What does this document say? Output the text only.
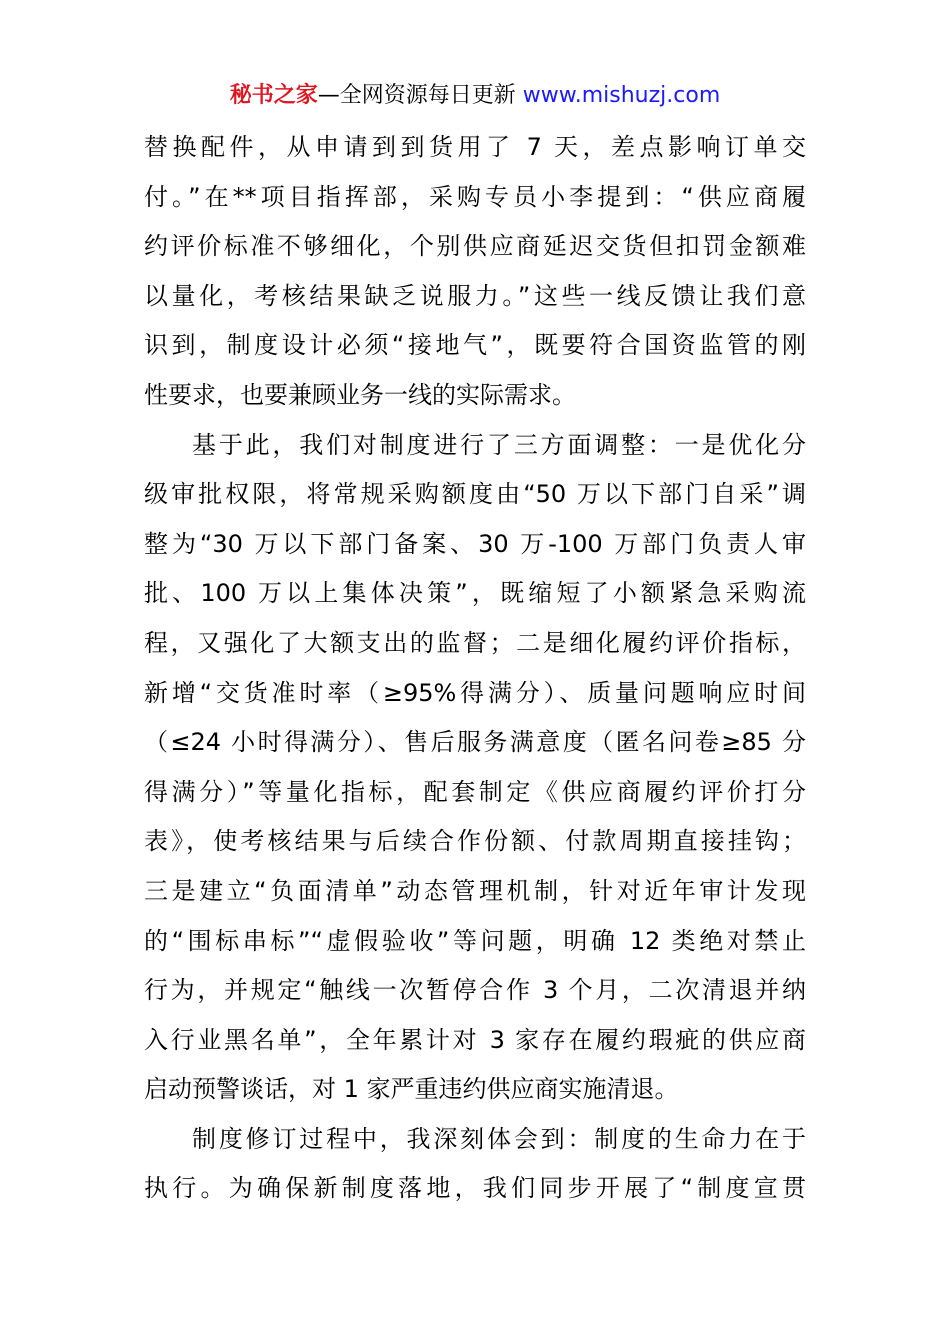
秘书之家—全网资源每日更新 www.mishuzj.com
替换配件，从申请到到货用了 7 天，差点影响订单交
付。”在**项目指挥部，采购专员小李提到：“供应商履
约评价标准不够细化，个别供应商延迟交货但扣罚金额难
以量化，考核结果缺乏说服力。”这些一线反馈让我们意
识到，制度设计必须“接地气”，既要符合国资监管的刚
性要求，也要兼顾业务一线的实际需求。
基于此，我们对制度进行了三方面调整：一是优化分
级审批权限，将常规采购额度由“50 万以下部门自采”调
整为“30 万以下部门备案、30 万-100 万部门负责人审
批、100 万以上集体决策”，既缩短了小额紧急采购流
程，又强化了大额支出的监督；二是细化履约评价指标，
新增“交货准时率（≥95%得满分）、质量问题响应时间
（≤24 小时得满分）、售后服务满意度（匿名问卷≥85 分
得满分）”等量化指标，配套制定《供应商履约评价打分
表》，使考核结果与后续合作份额、付款周期直接挂钩；
三是建立“负面清单”动态管理机制，针对近年审计发现
的“围标串标”“虚假验收”等问题，明确 12 类绝对禁止
行为，并规定“触线一次暂停合作 3 个月，二次清退并纳
入行业黑名单”，全年累计对 3 家存在履约瑕疵的供应商
启动预警谈话，对 1 家严重违约供应商实施清退。
制度修订过程中，我深刻体会到：制度的生命力在于
执行。为确保新制度落地，我们同步开展了“制度宣贯
